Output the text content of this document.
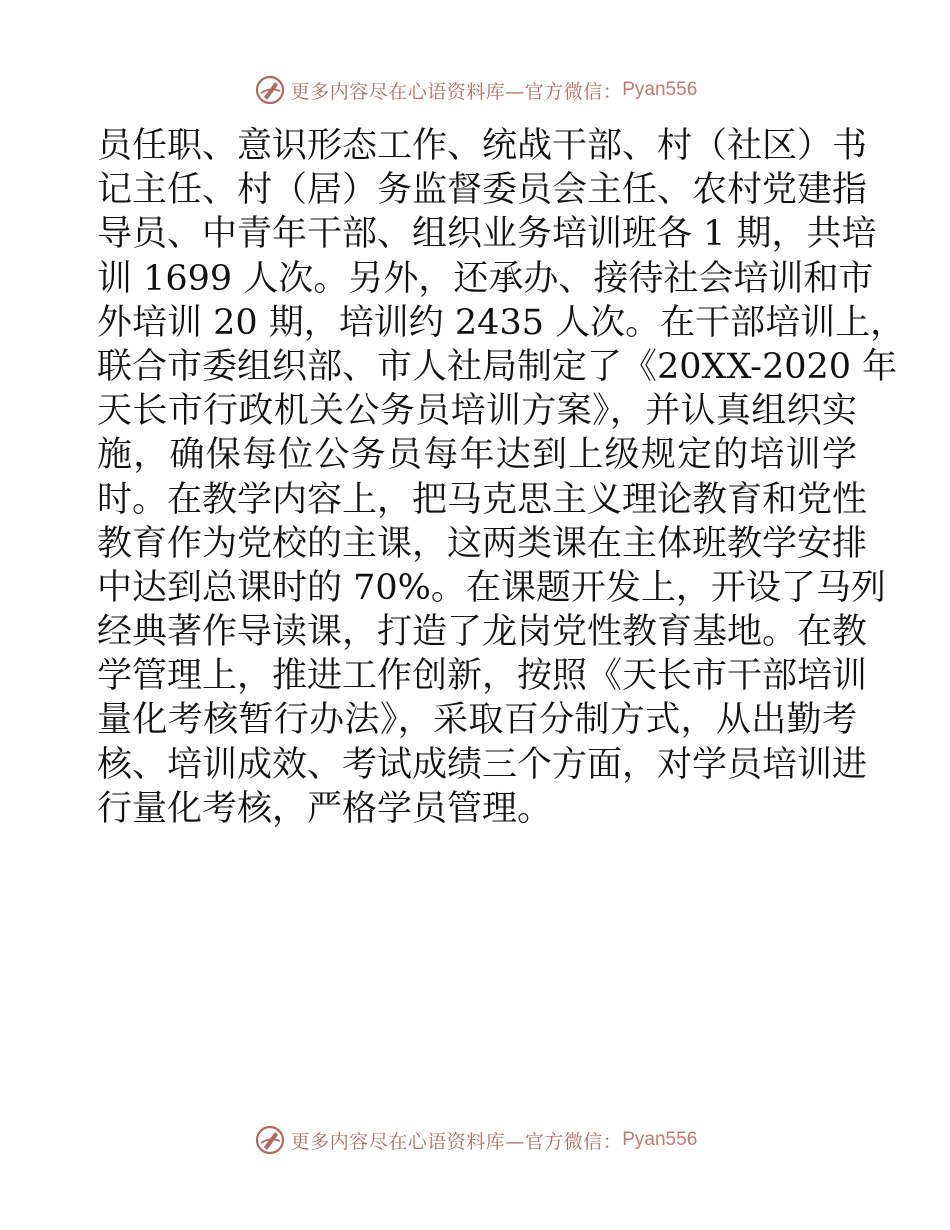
更多内容尽在心语资料库—官方微信： Pyan556
员任职、意识形态工作、统战干部、村（社区）书
记主任、村（居）务监督委员会主任、农村党建指
导员、中青年干部、组织业务培训班各 1 期，共培
训 1699 人次。另外，还承办、接待社会培训和市
外培训 20 期，培训约 2435 人次。在干部培训上，
联合市委组织部、市人社局制定了《20XX-2020 年
天长市行政机关公务员培训方案》，并认真组织实
施，确保每位公务员每年达到上级规定的培训学
时。在教学内容上，把马克思主义理论教育和党性
教育作为党校的主课，这两类课在主体班教学安排
中达到总课时的 70%。在课题开发上，开设了马列
经典著作导读课，打造了龙岗党性教育基地。在教
学管理上，推进工作创新，按照《天长市干部培训
量化考核暂行办法》，采取百分制方式，从出勤考
核、培训成效、考试成绩三个方面，对学员培训进
行量化考核，严格学员管理。
更多内容尽在心语资料库—官方微信： Pyan556
